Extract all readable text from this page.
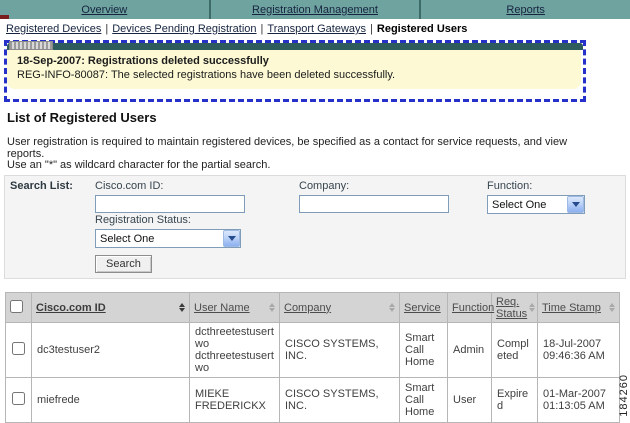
Overview	Registration Management	Reports
Registered Devices | Devices Pending Registration | Transport Gateways | Registered Users
18-Sep-2007: Registrations deleted successfully
REG-INFO-80087: The selected registrations have been deleted successfully.
List of Registered Users
User registration is required to maintain registered devices, be specified as a contact for service requests, and view reports.
Use an "*" as wildcard character for the partial search.
Search List: Cisco.com ID:	Company:	Function:
Select One
Registration Status:
Select One
Search

Cisco.com ID	User Name	Company	Service	Function	Req. Status	Time Stamp

	dc3testuser2	dcthreetestusertwo dcthreetestusertwo	CISCO SYSTEMS, INC.	Smart Call Home	Admin	Completed	18-Jul-2007 09:46:36 AM
	miefrede	MIEKE FREDERICKX	CISCO SYSTEMS, INC.	Smart Call Home	User	Expired	01-Mar-2007 01:13:05 AM 184260
